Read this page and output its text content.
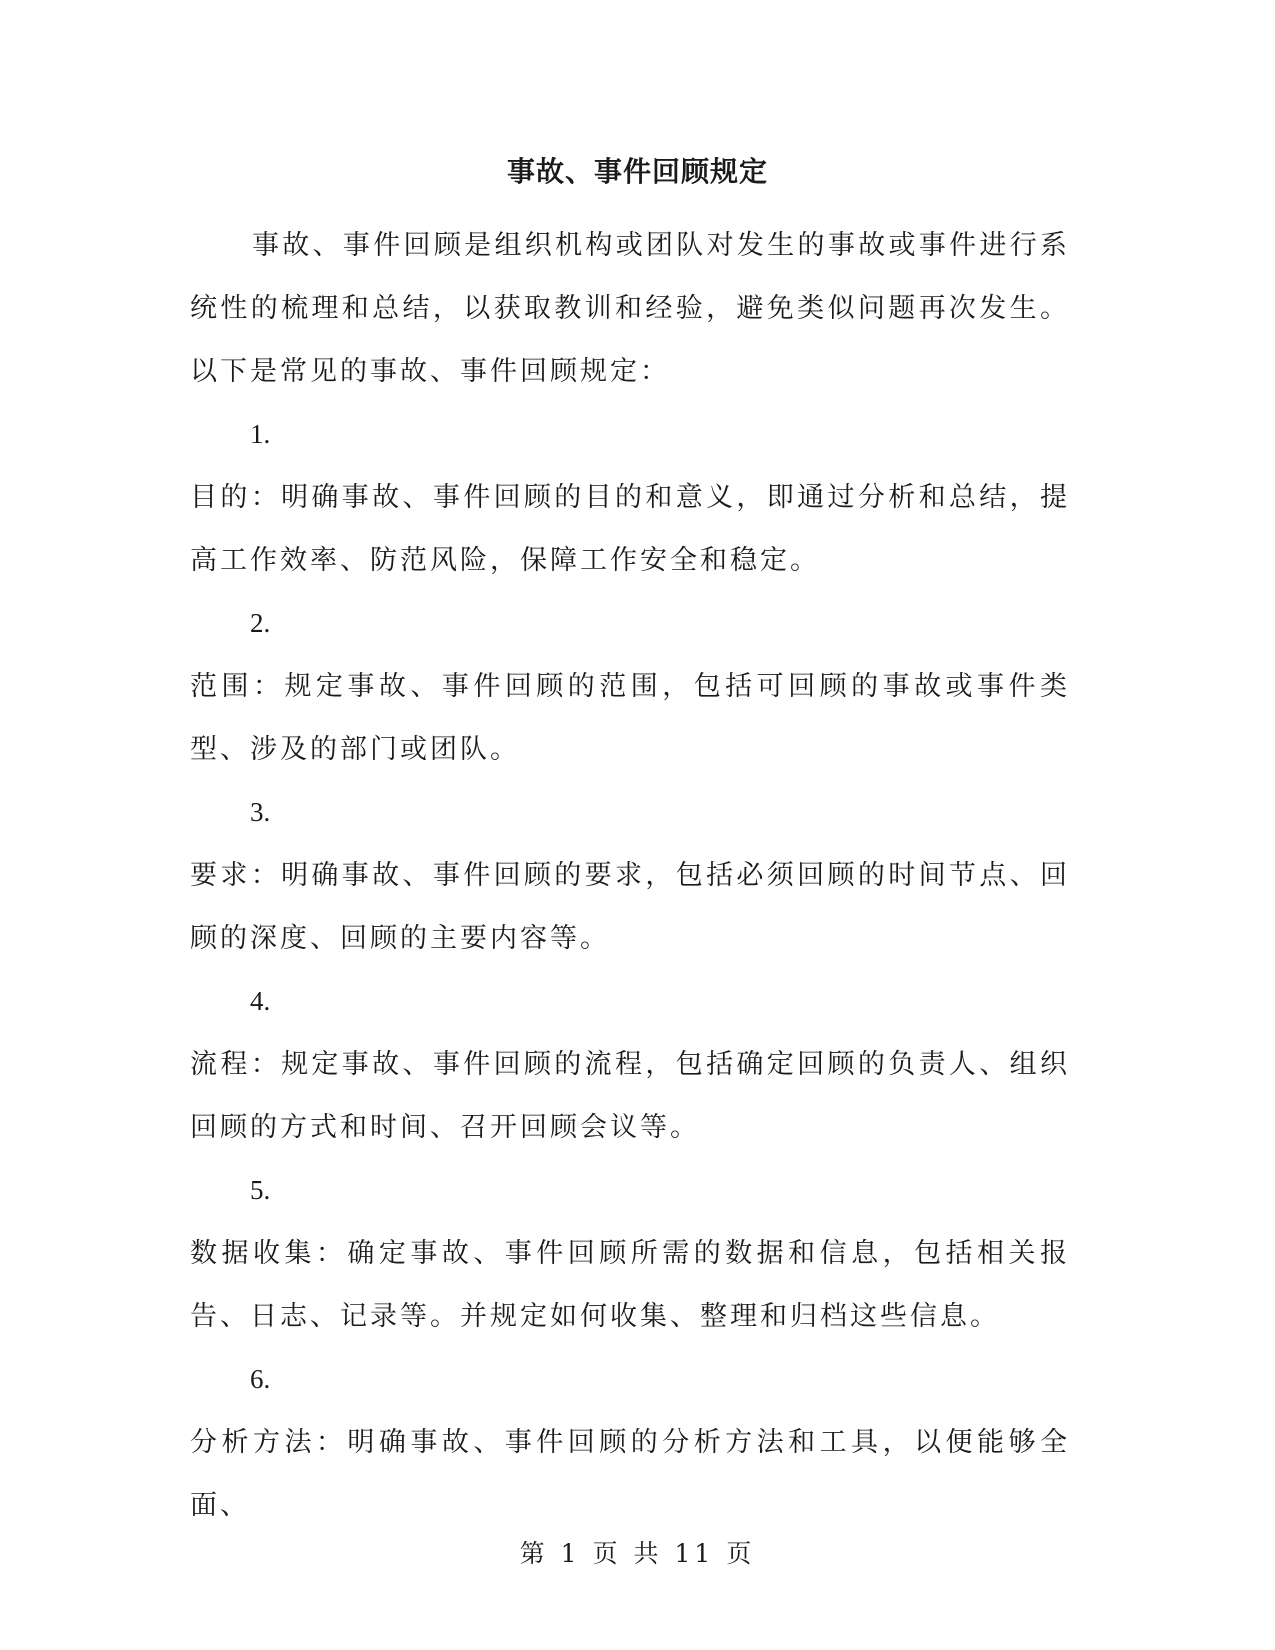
事故、事件回顾规定

事故、事件回顾是组织机构或团队对发生的事故或事件进行系统性的梳理和总结，以获取教训和经验，避免类似问题再次发生。以下是常见的事故、事件回顾规定：

1.

目的：明确事故、事件回顾的目的和意义，即通过分析和总结，提高工作效率、防范风险，保障工作安全和稳定。

2.

范围：规定事故、事件回顾的范围，包括可回顾的事故或事件类型、涉及的部门或团队。

3.

要求：明确事故、事件回顾的要求，包括必须回顾的时间节点、回顾的深度、回顾的主要内容等。

4.

流程：规定事故、事件回顾的流程，包括确定回顾的负责人、组织回顾的方式和时间、召开回顾会议等。

5.

数据收集：确定事故、事件回顾所需的数据和信息，包括相关报告、日志、记录等。并规定如何收集、整理和归档这些信息。

6.

分析方法：明确事故、事件回顾的分析方法和工具，以便能够全面、

第 1 页 共 11 页
